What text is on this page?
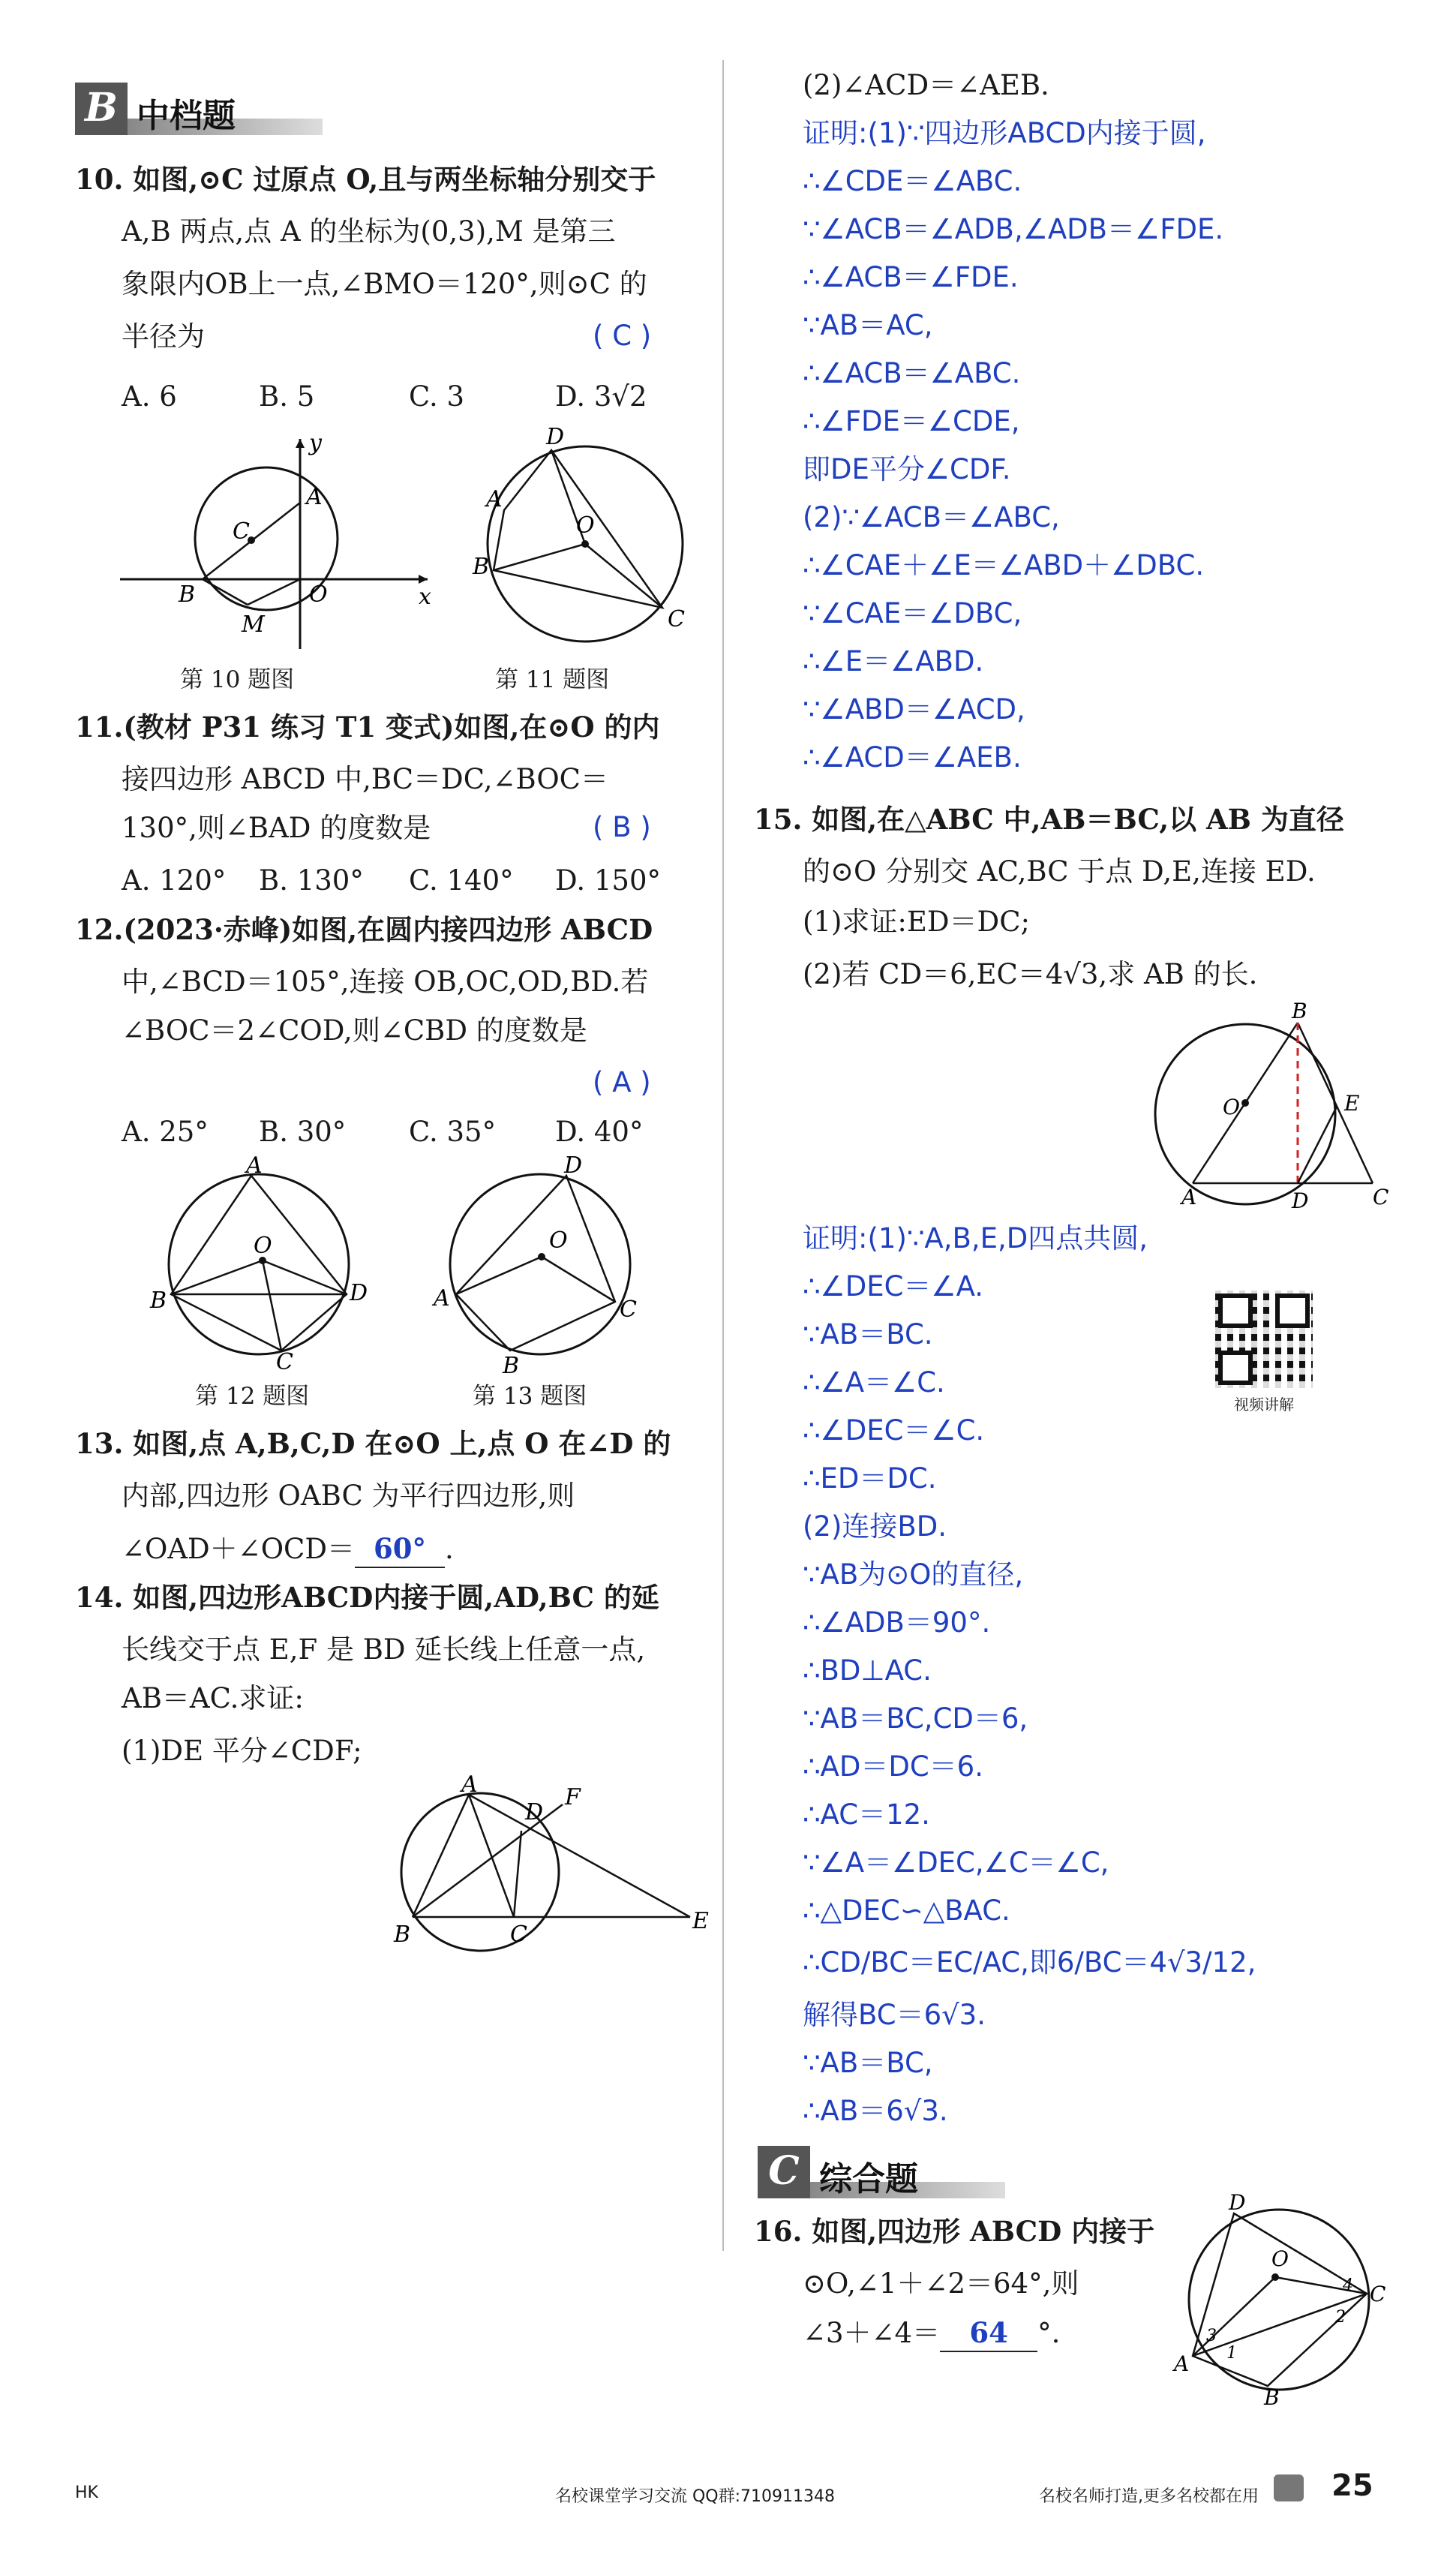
B 中档题
10. 如图,⊙C 过原点 O,且与两坐标轴分别交于
A,B 两点,点 A 的坐标为(0,3),M 是第三
象限内OB上一点,∠BMO＝120°,则⊙C 的
半径为	( C )
A. 6	B. 5	C. 3	D. 3√2
y
x
A
B
C
O
M
D
A
B
C
O
第 10 题图	第 11 题图
11.(教材 P31 练习 T1 变式)如图,在⊙O 的内
接四边形 ABCD 中,BC＝DC,∠BOC＝
130°,则∠BAD 的度数是	( B )
A. 120° B. 130° C. 140° D. 150°
12.(2023·赤峰)如图,在圆内接四边形 ABCD
中,∠BCD＝105°,连接 OB,OC,OD,BD.若
∠BOC＝2∠COD,则∠CBD 的度数是
( A )
A. 25° B. 30° C. 35° D. 40°
A
B
C
D
O
D
A
B
C
O
第 12 题图	第 13 题图
13. 如图,点 A,B,C,D 在⊙O 上,点 O 在∠D 的
内部,四边形 OABC 为平行四边形,则
∠OAD＋∠OCD＝ 60° .
14. 如图,四边形ABCD内接于圆,AD,BC 的延
长线交于点 E,F 是 BD 延长线上任意一点,
AB＝AC.求证:
(1)DE 平分∠CDF;
A
B	C
D
E
F
(2)∠ACD＝∠AEB.
证明:(1)∵四边形ABCD内接于圆,
∴∠CDE＝∠ABC.
∵∠ACB＝∠ADB,∠ADB＝∠FDE.
∴∠ACB＝∠FDE.
∵AB＝AC,
∴∠ACB＝∠ABC.
∴∠FDE＝∠CDE,
即DE平分∠CDF.
(2)∵∠ACB＝∠ABC,
∴∠CAE＋∠E＝∠ABD＋∠DBC.
∵∠CAE＝∠DBC,
∴∠E＝∠ABD.
∵∠ABD＝∠ACD,
∴∠ACD＝∠AEB.
15. 如图,在△ABC 中,AB＝BC,以 AB 为直径
的⊙O 分别交 AC,BC 于点 D,E,连接 ED.
(1)求证:ED＝DC;
(2)若 CD＝6,EC＝4√3,求 AB 的长.
B
A	D
E
C
O
证明:(1)∵A,B,E,D四点共圆,
∴∠DEC＝∠A.
∵AB＝BC.
∴∠A＝∠C.
∴∠DEC＝∠C.
∴ED＝DC.
(2)连接BD.
∵AB为⊙O的直径,
∴∠ADB＝90°.
∴BD⊥AC.
∵AB＝BC,CD＝6,
∴AD＝DC＝6.
∴AC＝12.
∵∠A＝∠DEC,∠C＝∠C,
∴△DEC∽△BAC.
∴CD/BC＝EC/AC,即6/BC＝4√3/12,
解得BC＝6√3.
∵AB＝BC,
∴AB＝6√3.
视频讲解
C 综合题
16. 如图,四边形 ABCD 内接于
⊙O,∠1＋∠2＝64°,则
∠3＋∠4＝ 64 °.
D
A
B
C
O
1
2
3
4
HK	名校课堂学习交流 QQ群:710911348	名校名师打造,更多名校都在用 25
